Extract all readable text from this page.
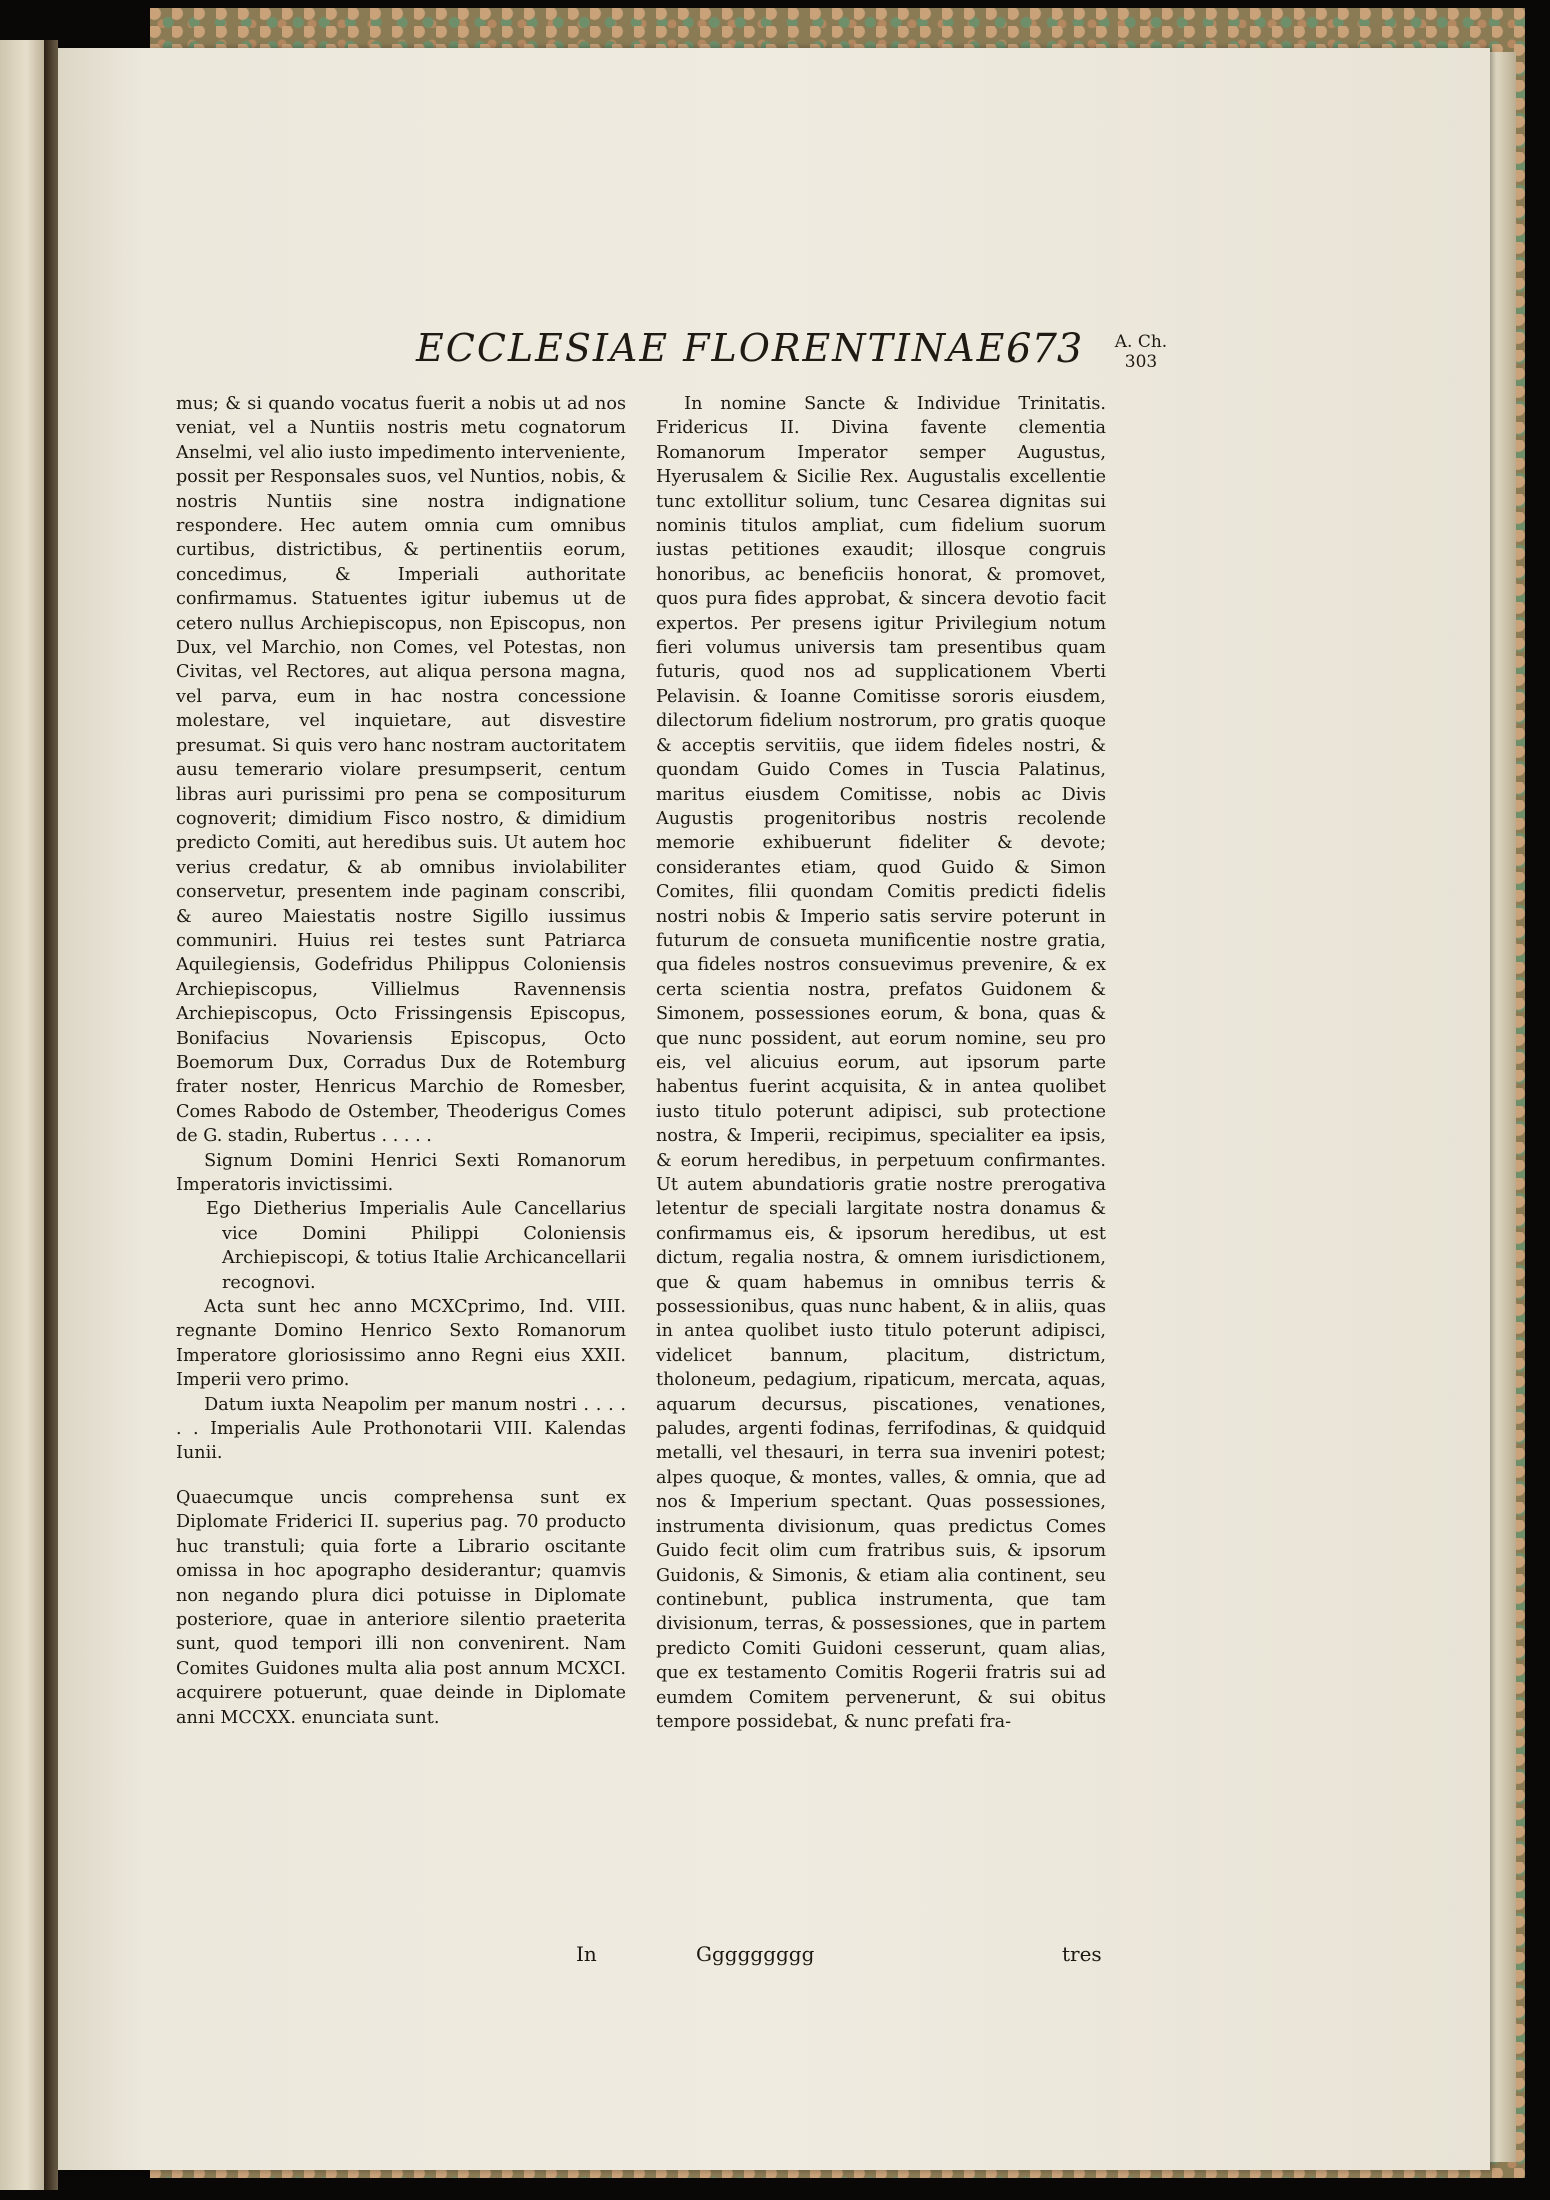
ECCLESIAE FLORENTINAE.
673	A. Ch. 303

mus; & si quando vocatus fuerit a nobis ut ad nos veniat, vel a Nuntiis nostris metu cognatorum Anselmi, vel alio iusto impedimento interveniente, possit per Responsales suos, vel Nuntios, nobis, & nostris Nuntiis sine nostra indignatione respondere. Hec autem omnia cum omnibus curtibus, districtibus, & pertinentiis eorum, concedimus, & Imperiali authoritate confirmamus. Statuentes igitur iubemus ut de cetero nullus Archiepiscopus, non Episcopus, non Dux, vel Marchio, non Comes, vel Potestas, non Civitas, vel Rectores, aut aliqua persona magna, vel parva, eum in hac nostra concessione molestare, vel inquietare, aut disvestire presumat. Si quis vero hanc nostram auctoritatem ausu temerario violare presumpserit, centum libras auri purissimi pro pena se compositurum cognoverit; dimidium Fisco nostro, & dimidium predicto Comiti, aut heredibus suis. Ut autem hoc verius credatur, & ab omnibus inviolabiliter conservetur, presentem inde paginam conscribi, & aureo Maiestatis nostre Sigillo iussimus communiri. Huius rei testes sunt Patriarca Aquilegiensis, Godefridus Philippus Coloniensis Archiepiscopus, Villielmus Ravennensis Archiepiscopus, Octo Frissingensis Episcopus, Bonifacius Novariensis Episcopus, Octo Boemorum Dux, Corradus Dux de Rotemburg frater noster, Henricus Marchio de Romesber, Comes Rabodo de Ostember, Theoderigus Comes de G. stadin, Rubertus . . . . .

Signum Domini Henrici Sexti Romanorum Imperatoris invictissimi.

Ego Dietherius Imperialis Aule Cancellarius vice Domini Philippi Coloniensis Archiepiscopi, & totius Italie Archicancellarii recognovi.

Acta sunt hec anno MCXCprimo, Ind. VIII. regnante Domino Henrico Sexto Romanorum Imperatore gloriosissimo anno Regni eius XXII. Imperii vero primo.

Datum iuxta Neapolim per manum nostri . . . . . . Imperialis Aule Prothonotarii VIII. Kalendas Iunii.

Quaecumque uncis comprehensa sunt ex Diplomate Friderici II. superius pag. 70 producto huc transtuli; quia forte a Librario oscitante omissa in hoc apographo desiderantur; quamvis non negando plura dici potuisse in Diplomate posteriore, quae in anteriore silentio praeterita sunt, quod tempori illi non convenirent. Nam Comites Guidones multa alia post annum MCXCI. acquirere potuerunt, quae deinde in Diplomate anni MCCXX. enunciata sunt.

In nomine Sancte & Individue Trinitatis. Fridericus II. Divina favente clementia Romanorum Imperator semper Augustus, Hyerusalem & Sicilie Rex. Augustalis excellentie tunc extollitur solium, tunc Cesarea dignitas sui nominis titulos ampliat, cum fidelium suorum iustas petitiones exaudit; illosque congruis honoribus, ac beneficiis honorat, & promovet, quos pura fides approbat, & sincera devotio facit expertos. Per presens igitur Privilegium notum fieri volumus universis tam presentibus quam futuris, quod nos ad supplicationem Vberti Pelavisin. & Ioanne Comitisse sororis eiusdem, dilectorum fidelium nostrorum, pro gratis quoque & acceptis servitiis, que iidem fideles nostri, & quondam Guido Comes in Tuscia Palatinus, maritus eiusdem Comitisse, nobis ac Divis Augustis progenitoribus nostris recolende memorie exhibuerunt fideliter & devote; considerantes etiam, quod Guido & Simon Comites, filii quondam Comitis predicti fidelis nostri nobis & Imperio satis servire poterunt in futurum de consueta munificentie nostre gratia, qua fideles nostros consuevimus prevenire, & ex certa scientia nostra, prefatos Guidonem & Simonem, possessiones eorum, & bona, quas & que nunc possident, aut eorum nomine, seu pro eis, vel alicuius eorum, aut ipsorum parte habentus fuerint acquisita, & in antea quolibet iusto titulo poterunt adipisci, sub protectione nostra, & Imperii, recipimus, specialiter ea ipsis, & eorum heredibus, in perpetuum confirmantes. Ut autem abundatioris gratie nostre prerogativa letentur de speciali largitate nostra donamus & confirmamus eis, & ipsorum heredibus, ut est dictum, regalia nostra, & omnem iurisdictionem, que & quam habemus in omnibus terris & possessionibus, quas nunc habent, & in aliis, quas in antea quolibet iusto titulo poterunt adipisci, videlicet bannum, placitum, districtum, tholoneum, pedagium, ripaticum, mercata, aquas, aquarum decursus, piscationes, venationes, paludes, argenti fodinas, ferrifodinas, & quidquid metalli, vel thesauri, in terra sua inveniri potest; alpes quoque, & montes, valles, & omnia, que ad nos & Imperium spectant. Quas possessiones, instrumenta divisionum, quas predictus Comes Guido fecit olim cum fratribus suis, & ipsorum Guidonis, & Simonis, & etiam alia continent, seu continebunt, publica instrumenta, que tam divisionum, terras, & possessiones, que in partem predicto Comiti Guidoni cesserunt, quam alias, que ex testamento Comitis Rogerii fratris sui ad eumdem Comitem pervenerunt, & sui obitus tempore possidebat, & nunc prefati fra-

In	Ggggggggg	tres
